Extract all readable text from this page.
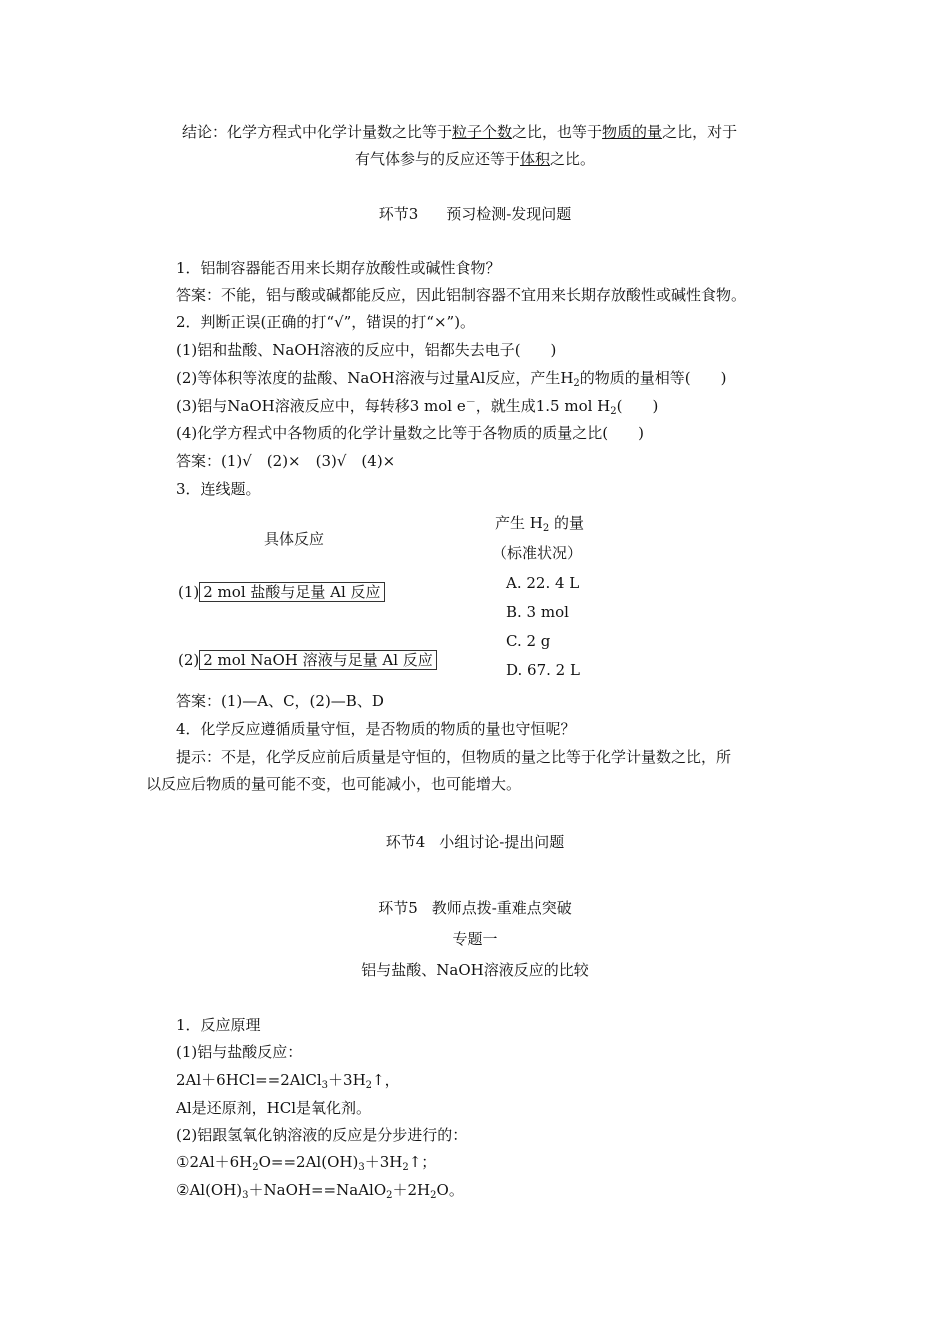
结论：化学方程式中化学计量数之比等于粒子个数之比，也等于物质的量之比，对于
有气体参与的反应还等于体积之比。
环节3 预习检测-发现问题
1．铝制容器能否用来长期存放酸性或碱性食物？
答案：不能，铝与酸或碱都能反应，因此铝制容器不宜用来长期存放酸性或碱性食物。
2．判断正误(正确的打“√”，错误的打“×”)。
(1)铝和盐酸、NaOH溶液的反应中，铝都失去电子(　　)
(2)等体积等浓度的盐酸、NaOH溶液与过量Al反应，产生$H_2$的物质的量相等(　　)
(3)铝与NaOH溶液反应中，每转移3 mol e－，就生成1.5 mol $H_2$(　　)
(4)化学方程式中各物质的化学计量数之比等于各物质的质量之比(　　)
答案：(1)√　(2)×　(3)√　(4)×
3．连线题。
产生 $H_2$ 的量
具体反应
（标准状况）
(1) 2 mol 盐酸与足量 Al 反应
(2) 2 mol NaOH 溶液与足量 Al 反应
A. 22. 4 L
B. 3 mol
C. 2 g
D. 67. 2 L
答案：(1)—A、C，(2)—B、D
4．化学反应遵循质量守恒，是否物质的物质的量也守恒呢？
提示：不是，化学反应前后质量是守恒的，但物质的量之比等于化学计量数之比，所
以反应后物质的量可能不变，也可能减小，也可能增大。
环节4 小组讨论-提出问题
环节5 教师点拨-重难点突破
专题一
铝与盐酸、NaOH溶液反应的比较
1．反应原理
(1)铝与盐酸反应：
$2Al+6HCl==2AlCl_3+3H_2↑$，
Al是还原剂，HCl是氧化剂。
(2)铝跟氢氧化钠溶液的反应是分步进行的：
$①2Al+6H_2O==2Al(OH)_3+3H_2↑$；
$②Al(OH)_3+NaOH==NaAlO_2+2H_2O$。
